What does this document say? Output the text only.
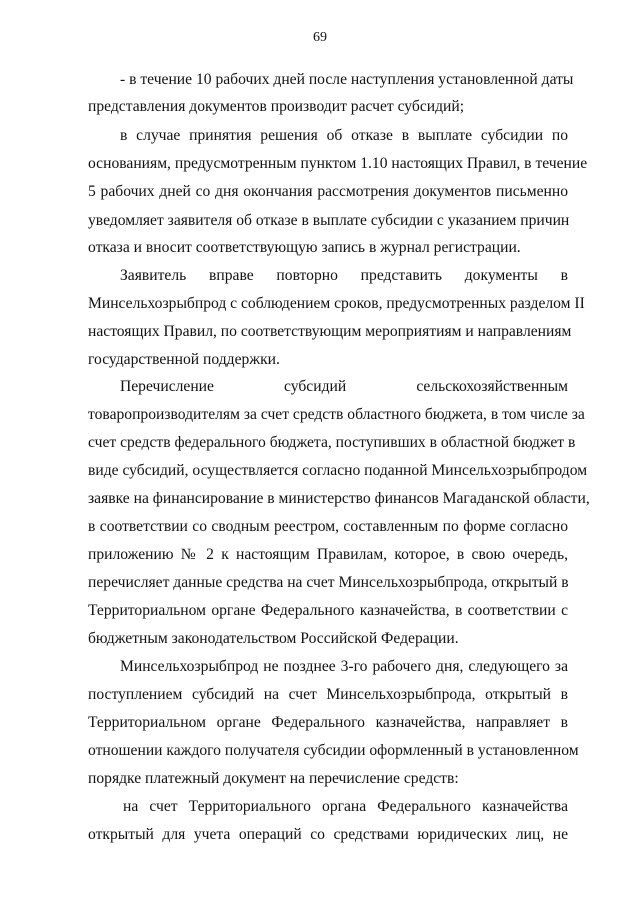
69
- в течение 10 рабочих дней после наступления установленной даты
представления документов производит расчет субсидий;
в случае принятия решения об отказе в выплате субсидии по
основаниям, предусмотренным пунктом 1.10 настоящих Правил, в течение
5 рабочих дней со дня окончания рассмотрения документов письменно
уведомляет заявителя об отказе в выплате субсидии с указанием причин
отказа и вносит соответствующую запись в журнал регистрации.
Заявитель вправе повторно представить документы в
Минсельхозрыбпрод с соблюдением сроков, предусмотренных разделом II
настоящих Правил, по соответствующим мероприятиям и направлениям
государственной поддержки.
Перечисление субсидий сельскохозяйственным
товаропроизводителям за счет средств областного бюджета, в том числе за
счет средств федерального бюджета, поступивших в областной бюджет в
виде субсидий, осуществляется согласно поданной Минсельхозрыбпродом
заявке на финансирование в министерство финансов Магаданской области,
в соответствии со сводным реестром, составленным по форме согласно
приложению № 2 к настоящим Правилам, которое, в свою очередь,
перечисляет данные средства на счет Минсельхозрыбпрода, открытый в
Территориальном органе Федерального казначейства, в соответствии с
бюджетным законодательством Российской Федерации.
Минсельхозрыбпрод не позднее 3-го рабочего дня, следующего за
поступлением субсидий на счет Минсельхозрыбпрода, открытый в
Территориальном органе Федерального казначейства, направляет в
отношении каждого получателя субсидии оформленный в установленном
порядке платежный документ на перечисление средств:
на счет Территориального органа Федерального казначейства
открытый для учета операций со средствами юридических лиц, не
